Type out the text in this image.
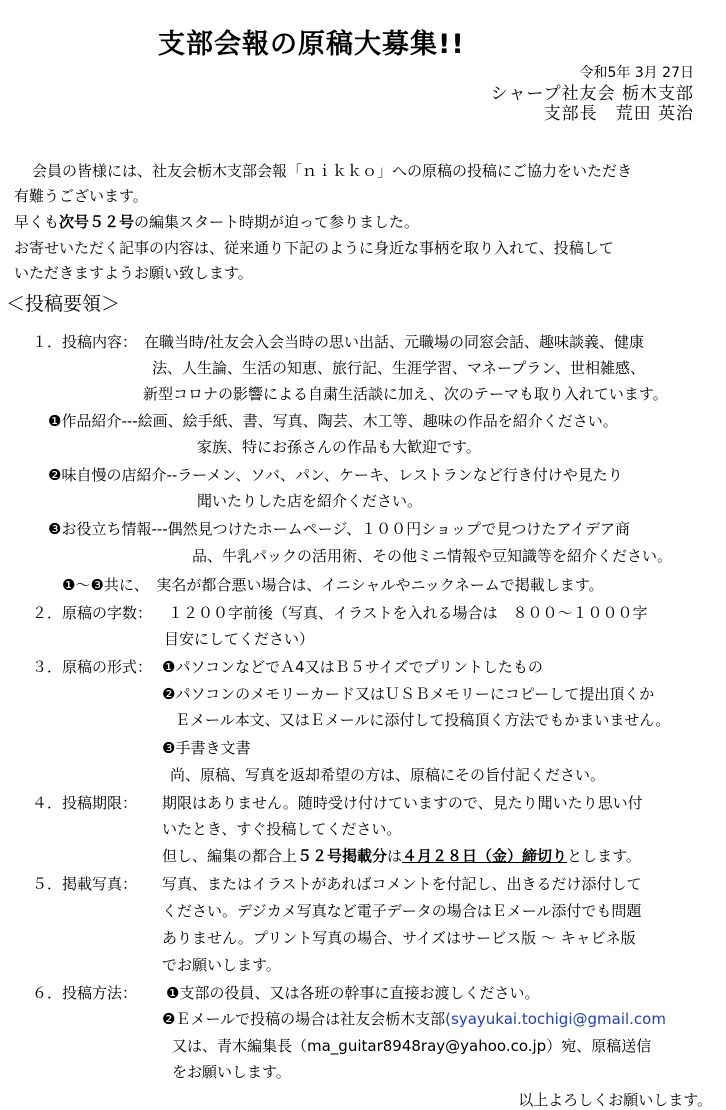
支部会報の原稿大募集!!
令和5年 3月 27日
シャープ社友会 栃木支部
支部長　荒田 英治
会員の皆様には、社友会栃木支部会報「ｎｉｋｋｏ」への原稿の投稿にご協力をいただき
有難うございます。
早くも次号５２号の編集スタート時期が迫って参りました。
お寄せいただく記事の内容は、従来通り下記のように身近な事柄を取り入れて、投稿して
いただきますようお願い致します。
＜投稿要領＞
１．投稿内容： 在職当時/社友会入会当時の思い出話、元職場の同窓会話、趣味談義、健康
法、人生論、生活の知恵、旅行記、生涯学習、マネープラン、世相雑感、
新型コロナの影響による自粛生活談に加え、次のテーマも取り入れています。
❶作品紹介---絵画、絵手紙、書、写真、陶芸、木工等、趣味の作品を紹介ください。
家族、特にお孫さんの作品も大歓迎です。
❷味自慢の店紹介--ラーメン、ソバ、パン、ケーキ、レストランなど行き付けや見たり
聞いたりした店を紹介ください。
❸お役立ち情報---偶然見つけたホームページ、１００円ショップで見つけたアイデア商
品、牛乳パックの活用術、その他ミニ情報や豆知識等を紹介ください。
❶～❸共に、　実名が都合悪い場合は、イニシャルやニックネームで掲載します。
２．原稿の字数： １２００字前後（写真、イラストを入れる場合は　８００～１０００字
目安にしてください）
３．原稿の形式： ❶パソコンなどでＡ4又はＢ５サイズでプリントしたもの
❷パソコンのメモリーカード又はＵＳＢメモリーにコピーして提出頂くか
Ｅメール本文、又はＥメールに添付して投稿頂く方法でもかまいません。
❸手書き文書
尚、原稿、写真を返却希望の方は、原稿にその旨付記ください。
４．投稿期限： 期限はありません。随時受け付けていますので、見たり聞いたり思い付
いたとき、すぐ投稿してください。
但し、編集の都合上５２号掲載分は４月２８日（金）締切りとします。
５．掲載写真： 写真、またはイラストがあればコメントを付記し、出きるだけ添付して
ください。デジカメ写真など電子データの場合はＥメール添付でも問題
ありません。プリント写真の場合、サイズはサービス版 ～ キャビネ版
でお願いします。
６．投稿方法： ❶支部の役員、又は各班の幹事に直接お渡しください。
❷Ｅメールで投稿の場合は社友会栃木支部(syayukai.tochigi@gmail.com
又は、青木編集長（ma_guitar8948ray@yahoo.co.jp）宛、原稿送信
をお願いします。
以上よろしくお願いします。
